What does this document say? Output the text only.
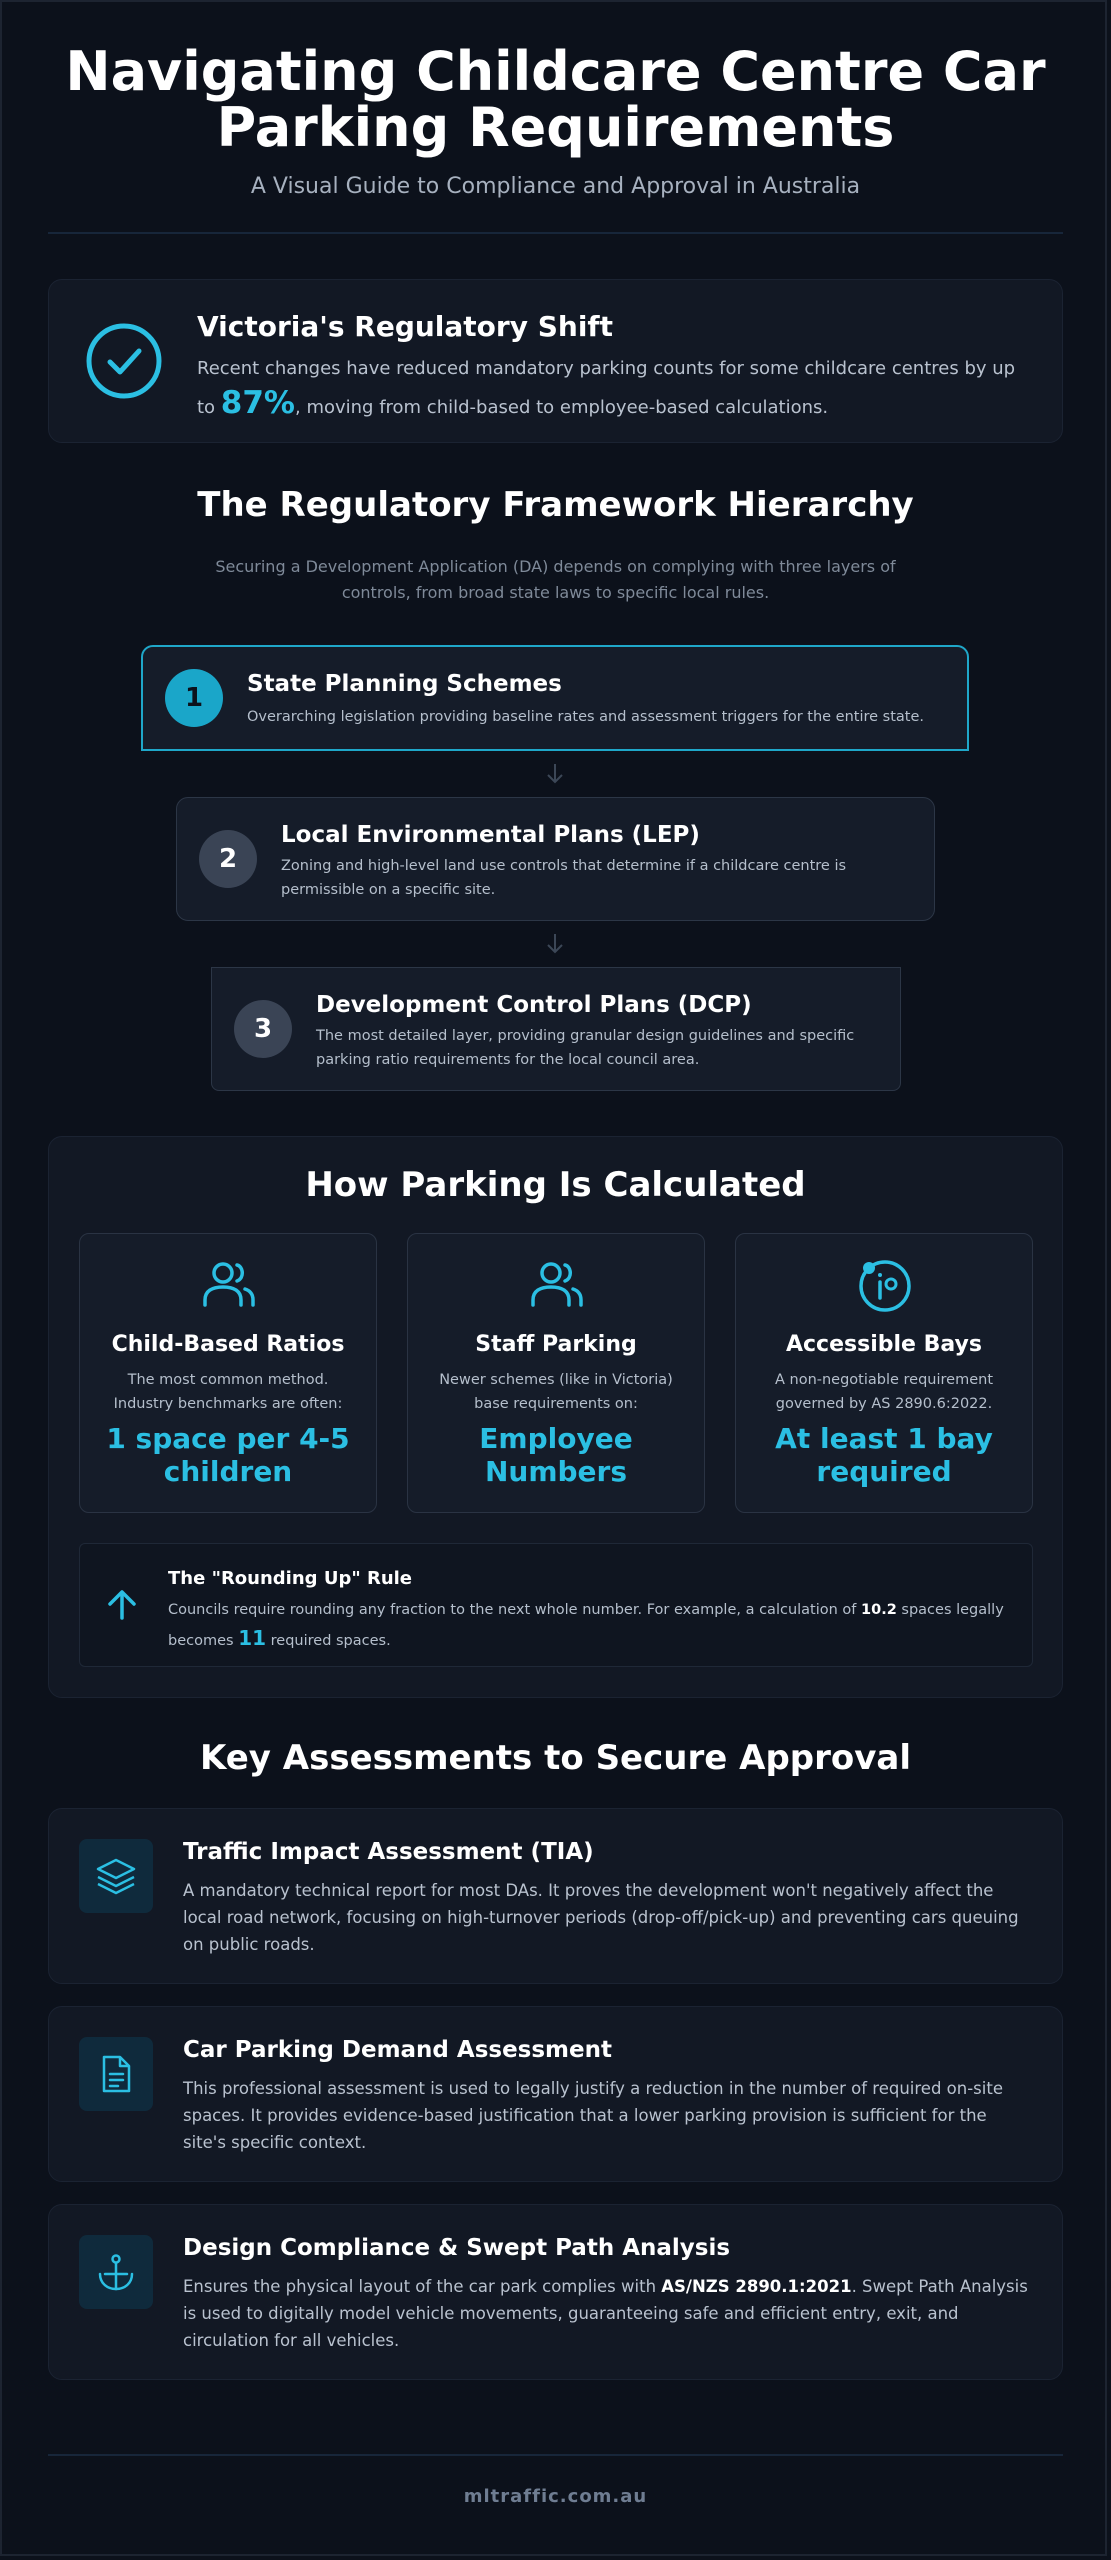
Navigating Childcare Centre Car
Parking Requirements
A Visual Guide to Compliance and Approval in Australia
Victoria's Regulatory Shift
Recent changes have reduced mandatory parking counts for some childcare centres by up to 87%, moving from child-based to employee-based calculations.
The Regulatory Framework Hierarchy
Securing a Development Application (DA) depends on complying with three layers of controls, from broad state laws to specific local rules.
1	State Planning Schemes
Overarching legislation providing baseline rates and assessment triggers for the entire state.
2
Local Environmental Plans (LEP)
Zoning and high-level land use controls that determine if a childcare centre is permissible on a specific site.
3
Development Control Plans (DCP)
The most detailed layer, providing granular design guidelines and specific parking ratio requirements for the local council area.
How Parking Is Calculated
Child-Based Ratios
The most common method. Industry benchmarks are often:
1 space per 4-5 children
Staff Parking
Newer schemes (like in Victoria) base requirements on:
Employee Numbers
Accessible Bays
A non-negotiable requirement governed by AS 2890.6:2022.
At least 1 bay required
The "Rounding Up" Rule
Councils require rounding any fraction to the next whole number. For example, a calculation of 10.2 spaces legally becomes 11 required spaces.
Key Assessments to Secure Approval
Traffic Impact Assessment (TIA)
A mandatory technical report for most DAs. It proves the development won't negatively affect the local road network, focusing on high-turnover periods (drop-off/pick-up) and preventing cars queuing on public roads.
Car Parking Demand Assessment
This professional assessment is used to legally justify a reduction in the number of required on-site spaces. It provides evidence-based justification that a lower parking provision is sufficient for the site's specific context.
Design Compliance & Swept Path Analysis
Ensures the physical layout of the car park complies with AS/NZS 2890.1:2021. Swept Path Analysis is used to digitally model vehicle movements, guaranteeing safe and efficient entry, exit, and circulation for all vehicles.
mltraffic.com.au
